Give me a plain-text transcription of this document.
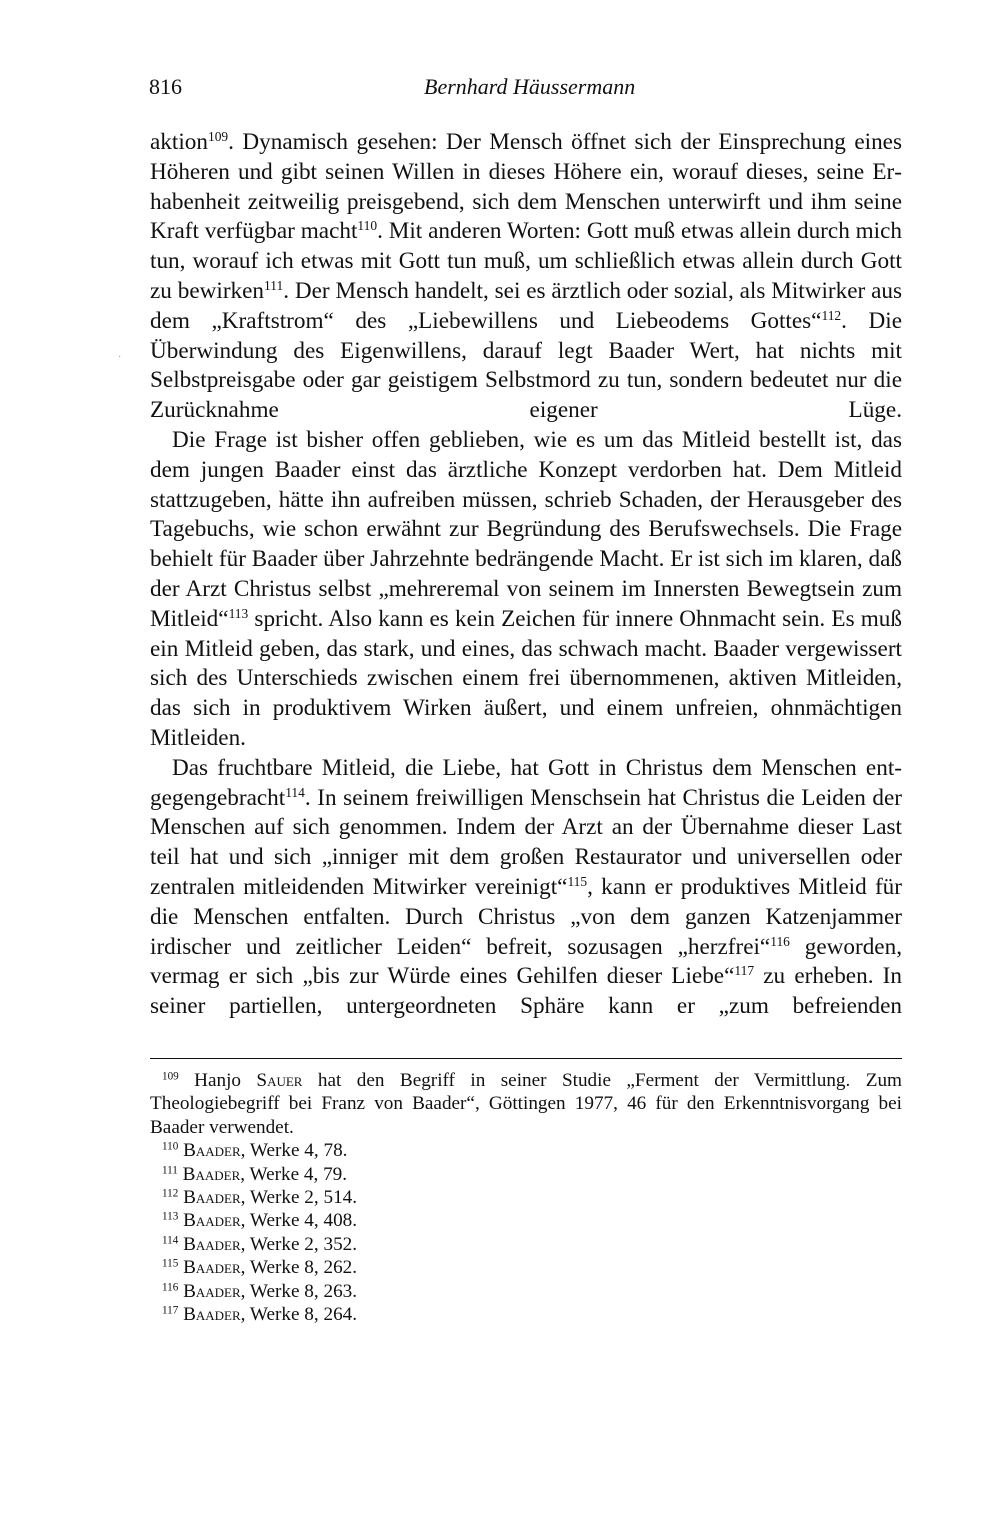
816	Bernhard Häussermann
·

aktion$^{109}$. Dynamisch gesehen: Der Mensch öffnet sich der Einsprechung eines Höheren und gibt seinen Willen in dieses Höhere ein, worauf dieses, seine Erhabenheit zeitweilig preisgebend, sich dem Menschen unterwirft und ihm seine Kraft verfügbar macht$^{110}$. Mit anderen Worten: Gott muß etwas allein durch mich tun, worauf ich etwas mit Gott tun muß, um schließlich etwas allein durch Gott zu bewirken$^{111}$. Der Mensch handelt, sei es ärztlich oder sozial, als Mitwirker aus dem „Kraftstrom“ des „Liebewillens und Liebeodems Gottes“$^{112}$. Die Überwindung des Eigenwillens, darauf legt Baader Wert, hat nichts mit Selbstpreisgabe oder gar geistigem Selbstmord zu tun, sondern bedeutet nur die Zurücknahme eigener Lüge.

Die Frage ist bisher offen geblieben, wie es um das Mitleid bestellt ist, das dem jungen Baader einst das ärztliche Konzept verdorben hat. Dem Mitleid stattzugeben, hätte ihn aufreiben müssen, schrieb Schaden, der Herausgeber des Tagebuchs, wie schon erwähnt zur Begründung des Berufswechsels. Die Frage behielt für Baader über Jahrzehnte bedrängende Macht. Er ist sich im klaren, daß der Arzt Christus selbst „mehreremal von seinem im Innersten Bewegtsein zum Mitleid“$^{113}$ spricht. Also kann es kein Zeichen für innere Ohnmacht sein. Es muß ein Mitleid geben, das stark, und eines, das schwach macht. Baader vergewissert sich des Unterschieds zwischen einem frei übernommenen, aktiven Mitleiden, das sich in produktivem Wirken äußert, und einem unfreien, ohnmächtigen Mitleiden.

Das fruchtbare Mitleid, die Liebe, hat Gott in Christus dem Menschen entgegengebracht$^{114}$. In seinem freiwilligen Menschsein hat Christus die Leiden der Menschen auf sich genommen. Indem der Arzt an der Übernahme dieser Last teil hat und sich „inniger mit dem großen Restaurator und universellen oder zentralen mitleidenden Mitwirker vereinigt“$^{115}$, kann er produktives Mitleid für die Menschen entfalten. Durch Christus „von dem ganzen Katzenjammer irdischer und zeitlicher Leiden“ befreit, sozusagen „herzfrei“$^{116}$ geworden, vermag er sich „bis zur Würde eines Gehilfen dieser Liebe“$^{117}$ zu erheben. In seiner partiellen, untergeordneten Sphäre kann er „zum befreienden

$^{109}$ Hanjo Sauer hat den Begriff in seiner Studie „Ferment der Vermittlung. Zum Theologiebegriff bei Franz von Baader“, Göttingen 1977, 46 für den Erkenntnisvorgang bei Baader verwendet.

$^{110}$ Baader, Werke 4, 78.

$^{111}$ Baader, Werke 4, 79.

$^{112}$ Baader, Werke 2, 514.

$^{113}$ Baader, Werke 4, 408.

$^{114}$ Baader, Werke 2, 352.

$^{115}$ Baader, Werke 8, 262.

$^{116}$ Baader, Werke 8, 263.

$^{117}$ Baader, Werke 8, 264.
